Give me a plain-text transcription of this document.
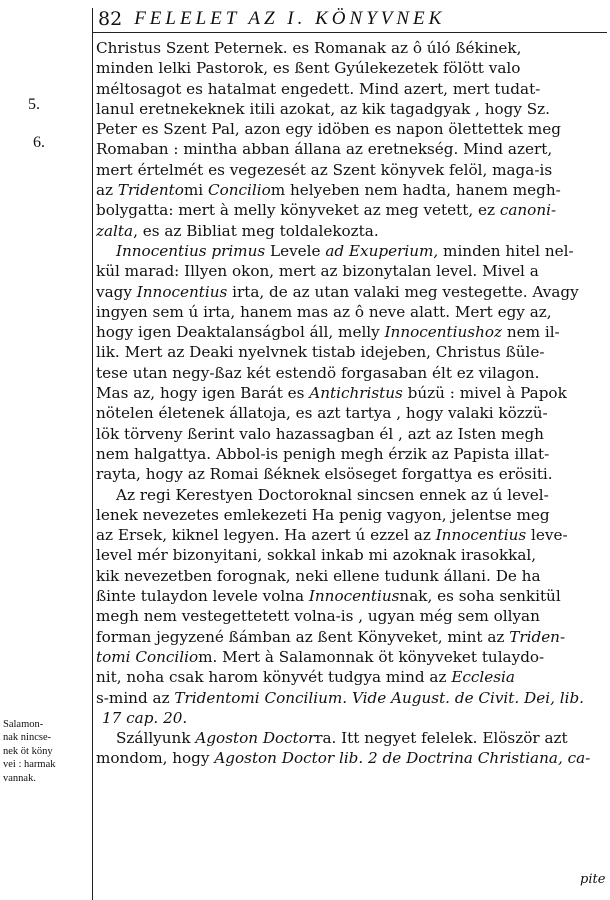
82 FELELET AZ I. KÖNYVNEK
5.
6.
Christus Szent Peternek. es Romanak az ô úló ßékinek,
minden lelki Pastorok, es ßent Gyúlekezetek fölött valo
méltosagot es hatalmat engedett. Mind azert, mert tudat-
lanul eretnekeknek itili azokat, az kik tagadgyak , hogy Sz.
Peter es Szent Pal, azon egy idöben es napon ölettettek meg
Romaban : mintha abban állana az eretnekség. Mind azert,
mert értelmét es vegezesét az Szent könyvek felöl, maga-is
az Tridentomi Conciliom helyeben nem hadta, hanem megh-
bolygatta: mert à melly könyveket az meg vetett, ez canoni-
zalta, es az Bibliat meg toldalekozta.
Innocentius primus Levele ad Exuperium, minden hitel nel-
kül marad: Illyen okon, mert az bizonytalan level. Mivel a
vagy Innocentius irta, de az utan valaki meg vestegette. Avagy
ingyen sem ú irta, hanem mas az ô neve alatt. Mert egy az,
hogy igen Deaktalanságbol áll, melly Innocentiushoz nem il-
lik. Mert az Deaki nyelvnek tistab idejeben, Christus ßüle-
tese utan negy-ßaz két estendö forgasaban élt ez vilagon.
Mas az, hogy igen Barát es Antichristus búzü : mivel à Papok
nötelen életenek állatoja, es azt tartya , hogy valaki közzü-
lök törveny ßerint valo hazassagban él , azt az Isten megh
nem halgattya. Abbol-is penigh megh érzik az Papista illat-
rayta, hogy az Romai ßéknek elsöseget forgattya es erösiti.
Az regi Kerestyen Doctoroknal sincsen ennek az ú level-
lenek nevezetes emlekezeti Ha penig vagyon, jelentse meg
az Ersek, kiknel legyen. Ha azert ú ezzel az Innocentius leve-
level mér bizonyitani, sokkal inkab mi azoknak irasokkal,
kik nevezetben forognak, neki ellene tudunk állani. De ha
ßinte tulaydon levele volna Innocentiusnak, es soha senkitül
megh nem vestegettetett volna-is , ugyan még sem ollyan
forman jegyzené ßámban az ßent Könyveket, mint az Triden-
tomi Conciliom. Mert à Salamonnak öt könyveket tulaydo-
nit, noha csak harom könyvét tudgya mind az Ecclesia
s-mind az Tridentomi Concilium. Vide August. de Civit. Dei, lib.
17 cap. 20.
Szállyunk Agoston Doctorra. Itt negyet felelek. Elöször azt
mondom, hogy Agoston Doctor lib. 2 de Doctrina Christiana, ca-
Salamon-
nak nincse-
nek öt köny
vei : harmak
vannak.
pite
